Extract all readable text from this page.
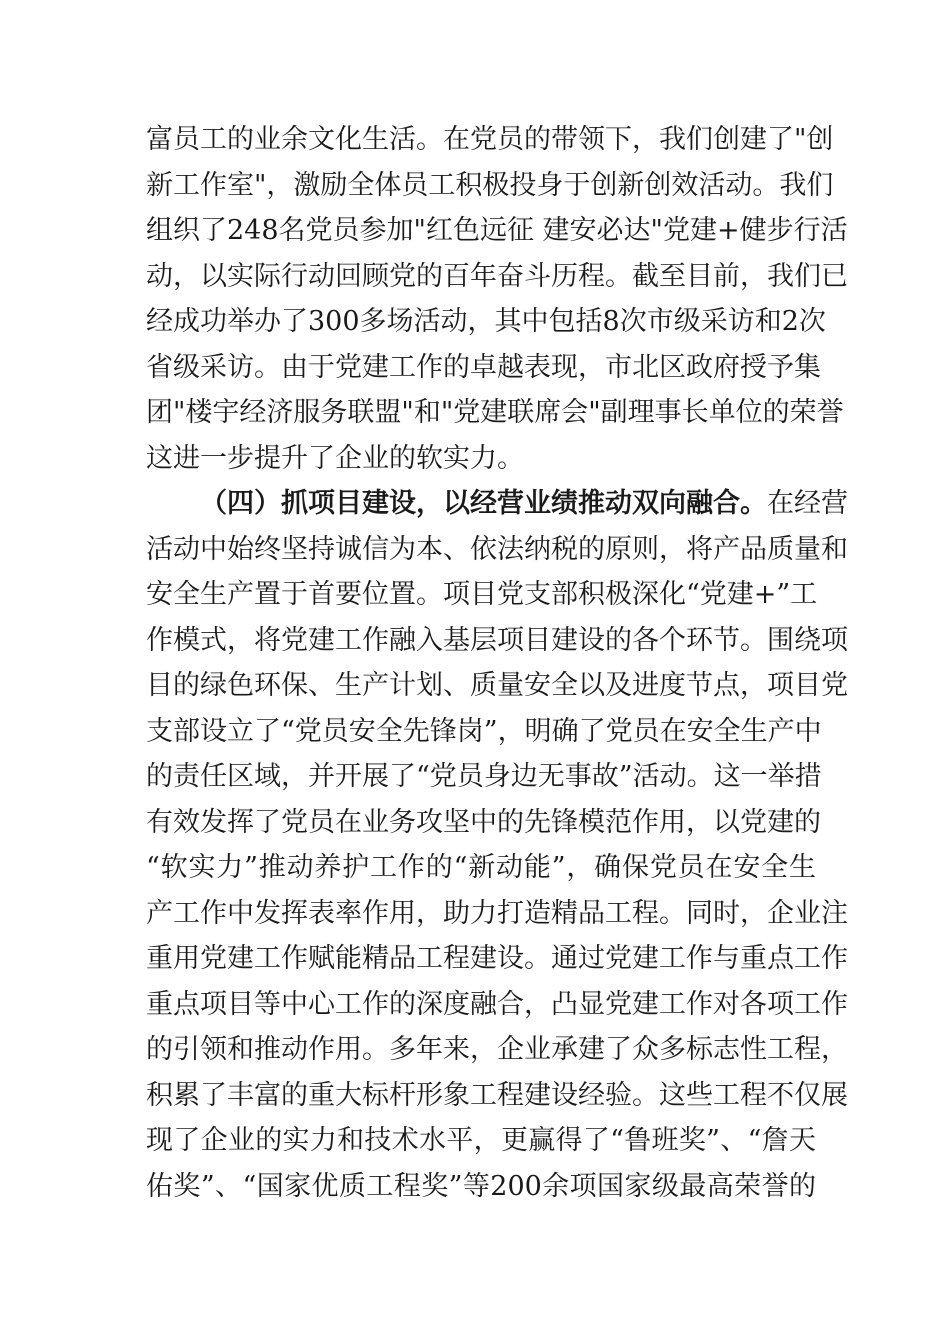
富员工的业余文化生活。在党员的带领下，我们创建了"创
新工作室"，激励全体员工积极投身于创新创效活动。我们
组织了248名党员参加"红色远征 建安必达"党建+健步行活
动，以实际行动回顾党的百年奋斗历程。截至目前，我们已
经成功举办了300多场活动，其中包括8次市级采访和2次
省级采访。由于党建工作的卓越表现，市北区政府授予集
团"楼宇经济服务联盟"和"党建联席会"副理事长单位的荣誉
这进一步提升了企业的软实力。
（四）抓项目建设，以经营业绩推动双向融合。在经营
活动中始终坚持诚信为本、依法纳税的原则，将产品质量和
安全生产置于首要位置。项目党支部积极深化“党建+”工
作模式，将党建工作融入基层项目建设的各个环节。围绕项
目的绿色环保、生产计划、质量安全以及进度节点，项目党
支部设立了“党员安全先锋岗”，明确了党员在安全生产中
的责任区域，并开展了“党员身边无事故”活动。这一举措
有效发挥了党员在业务攻坚中的先锋模范作用，以党建的
“软实力”推动养护工作的“新动能”，确保党员在安全生
产工作中发挥表率作用，助力打造精品工程。同时，企业注
重用党建工作赋能精品工程建设。通过党建工作与重点工作
重点项目等中心工作的深度融合，凸显党建工作对各项工作
的引领和推动作用。多年来，企业承建了众多标志性工程，
积累了丰富的重大标杆形象工程建设经验。这些工程不仅展
现了企业的实力和技术水平，更赢得了“鲁班奖”、“詹天
佑奖”、“国家优质工程奖”等200余项国家级最高荣誉的
